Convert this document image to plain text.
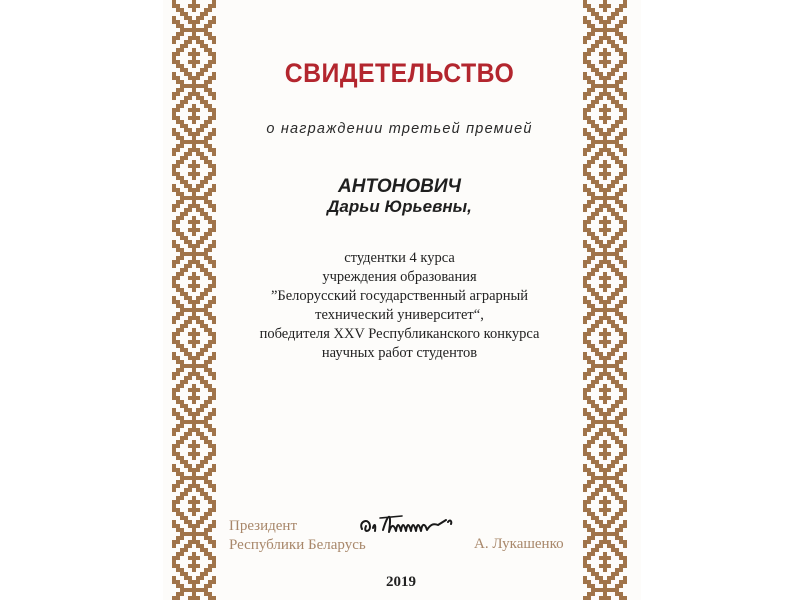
СВИДЕТЕЛЬСТВО
о награждении третьей премией
АНТОНОВИЧ
Дарьи Юрьевны,
студентки 4 курса
учреждения образования
”Белорусский государственный аграрный
технический университет“,
победителя XXV Республиканского конкурса
научных работ студентов
Президент
Республики Беларусь	А. Лукашенко
2019
